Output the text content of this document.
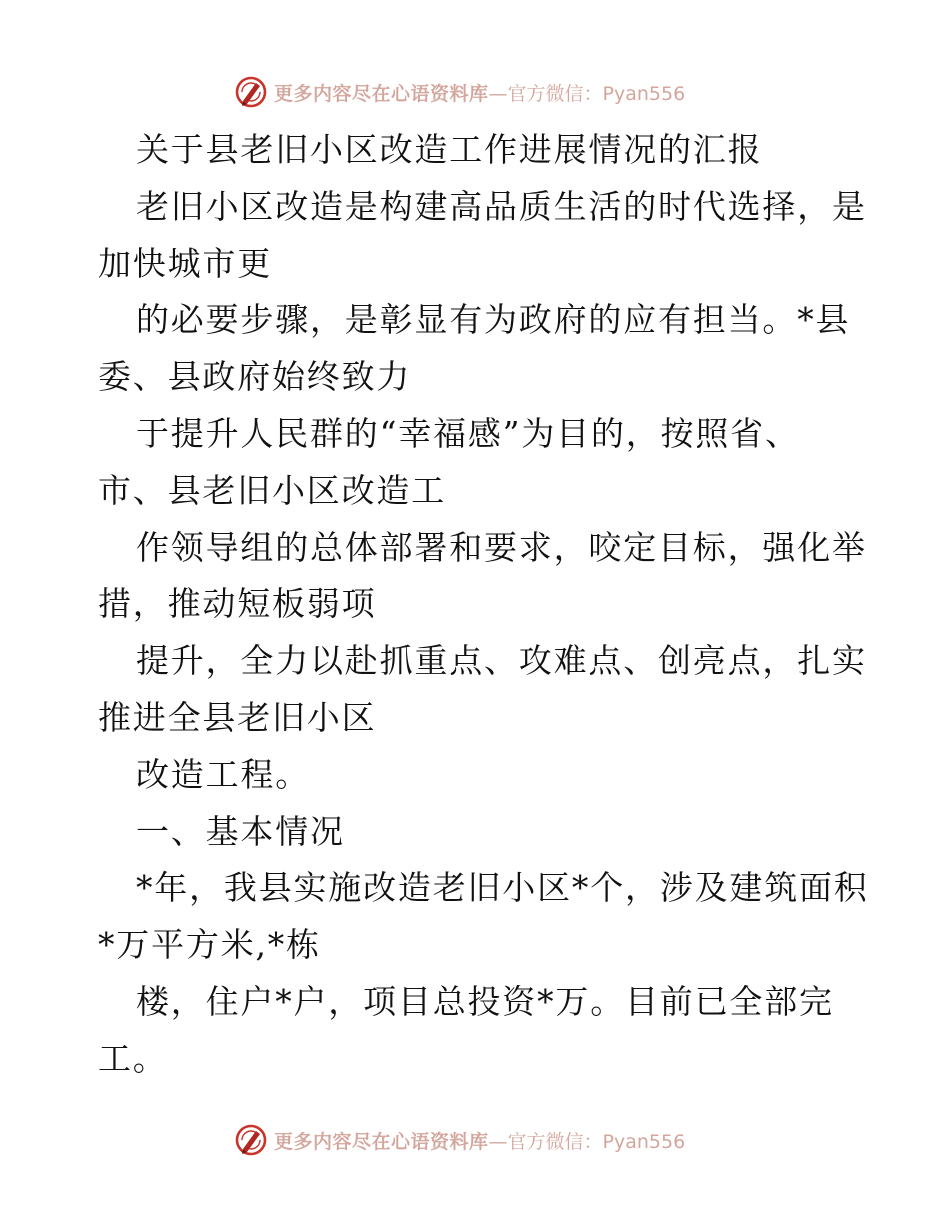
更多内容尽在心语资料库 —官方微信：Pyan556
关于县老旧小区改造工作进展情况的汇报
老旧小区改造是构建高品质生活的时代选择，是
加快城市更
的必要步骤，是彰显有为政府的应有担当。*县
委、县政府始终致力
于提升人民群的“幸福感”为目的，按照省、
市、县老旧小区改造工
作领导组的总体部署和要求，咬定目标，强化举
措，推动短板弱项
提升，全力以赴抓重点、攻难点、创亮点，扎实
推进全县老旧小区
改造工程。
一、基本情况
*年，我县实施改造老旧小区*个，涉及建筑面积
*万平方米,*栋
楼，住户*户，项目总投资*万。目前已全部完
工。
更多内容尽在心语资料库 —官方微信：Pyan556
